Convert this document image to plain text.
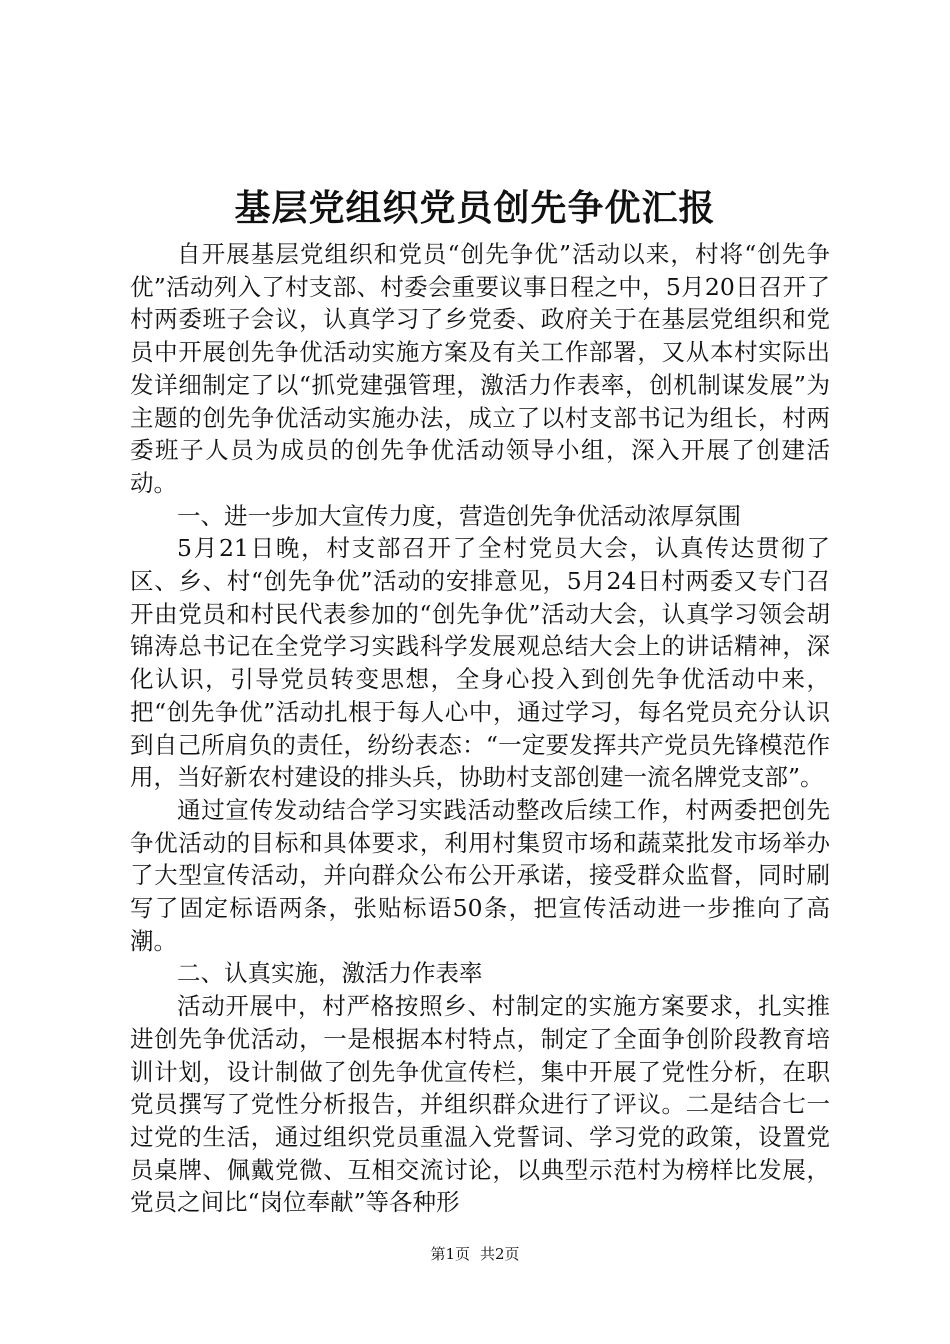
基层党组织党员创先争优汇报

自开展基层党组织和党员“创先争优”活动以来，村将“创先争优”活动列入了村支部、村委会重要议事日程之中，5月20日召开了村两委班子会议，认真学习了乡党委、政府关于在基层党组织和党员中开展创先争优活动实施方案及有关工作部署，又从本村实际出发详细制定了以“抓党建强管理，激活力作表率，创机制谋发展”为主题的创先争优活动实施办法，成立了以村支部书记为组长，村两委班子人员为成员的创先争优活动领导小组，深入开展了创建活动。

一、进一步加大宣传力度，营造创先争优活动浓厚氛围

5月21日晚，村支部召开了全村党员大会，认真传达贯彻了区、乡、村“创先争优”活动的安排意见，5月24日村两委又专门召开由党员和村民代表参加的“创先争优”活动大会，认真学习领会胡锦涛总书记在全党学习实践科学发展观总结大会上的讲话精神，深化认识，引导党员转变思想，全身心投入到创先争优活动中来，把“创先争优”活动扎根于每人心中，通过学习，每名党员充分认识到自己所肩负的责任，纷纷表态：“一定要发挥共产党员先锋模范作用，当好新农村建设的排头兵，协助村支部创建一流名牌党支部”。

通过宣传发动结合学习实践活动整改后续工作，村两委把创先争优活动的目标和具体要求，利用村集贸市场和蔬菜批发市场举办了大型宣传活动，并向群众公布公开承诺，接受群众监督，同时刷写了固定标语两条，张贴标语50条，把宣传活动进一步推向了高潮。

二、认真实施，激活力作表率

活动开展中，村严格按照乡、村制定的实施方案要求，扎实推进创先争优活动，一是根据本村特点，制定了全面争创阶段教育培训计划，设计制做了创先争优宣传栏，集中开展了党性分析，在职党员撰写了党性分析报告，并组织群众进行了评议。二是结合七一过党的生活，通过组织党员重温入党誓词、学习党的政策，设置党员桌牌、佩戴党微、互相交流讨论，以典型示范村为榜样比发展，党员之间比“岗位奉献”等各种形

第1页 共2页
